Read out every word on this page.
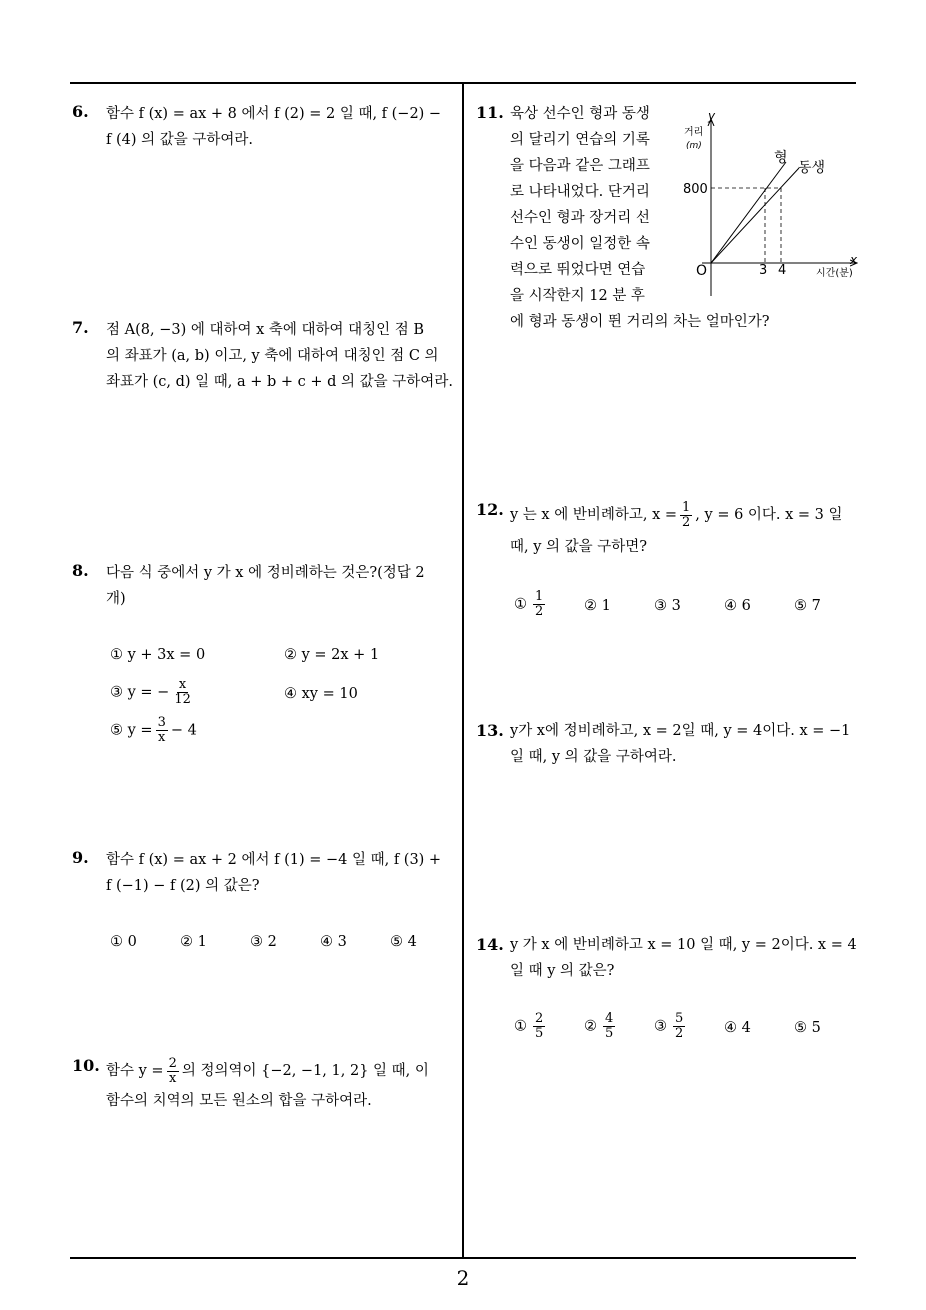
6. 함수 f (x) = ax + 8 에서 f (2) = 2 일 때, f (−2) −
f (4) 의 값을 구하여라.
7. 점 A(8, −3) 에 대하여 x 축에 대하여 대칭인 점 B
의 좌표가 (a, b) 이고, y 축에 대하여 대칭인 점 C 의
좌표가 (c, d) 일 때, a + b + c + d 의 값을 구하여라.
8. 다음 식 중에서 y 가 x 에 정비례하는 것은?(정답 2
개)
① y + 3x = 0	② y = 2x + 1
③ y = − $\frac{x}{12}$	④ xy = 10
⑤ $y = \frac{3}{x} - 4$
9. 함수 f (x) = ax + 2 에서 f (1) = −4 일 때, f (3) +
f (−1) − f (2) 의 값은?
① 0	② 1	③ 2	④ 3	⑤ 4
10. 함수 $y = \frac{2}{x}$ 의 정의역이 {−2, −1, 1, 2} 일 때, 이
함수의 치역의 모든 원소의 합을 구하여라.
11. 육상 선수인 형과 동생
의 달리기 연습의 기록
을 다음과 같은 그래프
로 나타내었다. 단거리
선수인 형과 장거리 선
수인 동생이 일정한 속
력으로 뛰었다면 연습
을 시작한지 12 분 후
에 형과 동생이 뛴 거리의 차는 얼마인가?
y
거리
(m)
800
O	3 4
x
시간(분)
형
동생
12. y 는 x 에 반비례하고, $x = \frac{1}{2}$ , y = 6 이다. x = 3 일
때, y 의 값을 구하면?
① $\frac{1}{2}$	② 1	③ 3	④ 6	⑤ 7
13. y가 x에 정비례하고, x = 2일 때, y = 4이다. x = −1
일 때, y 의 값을 구하여라.
14. y 가 x 에 반비례하고 x = 10 일 때, y = 2이다. x = 4
일 때 y 의 값은?
① $\frac{2}{5}$	② $\frac{4}{5}$	③ $\frac{5}{2}$	④ 4	⑤ 5
2
